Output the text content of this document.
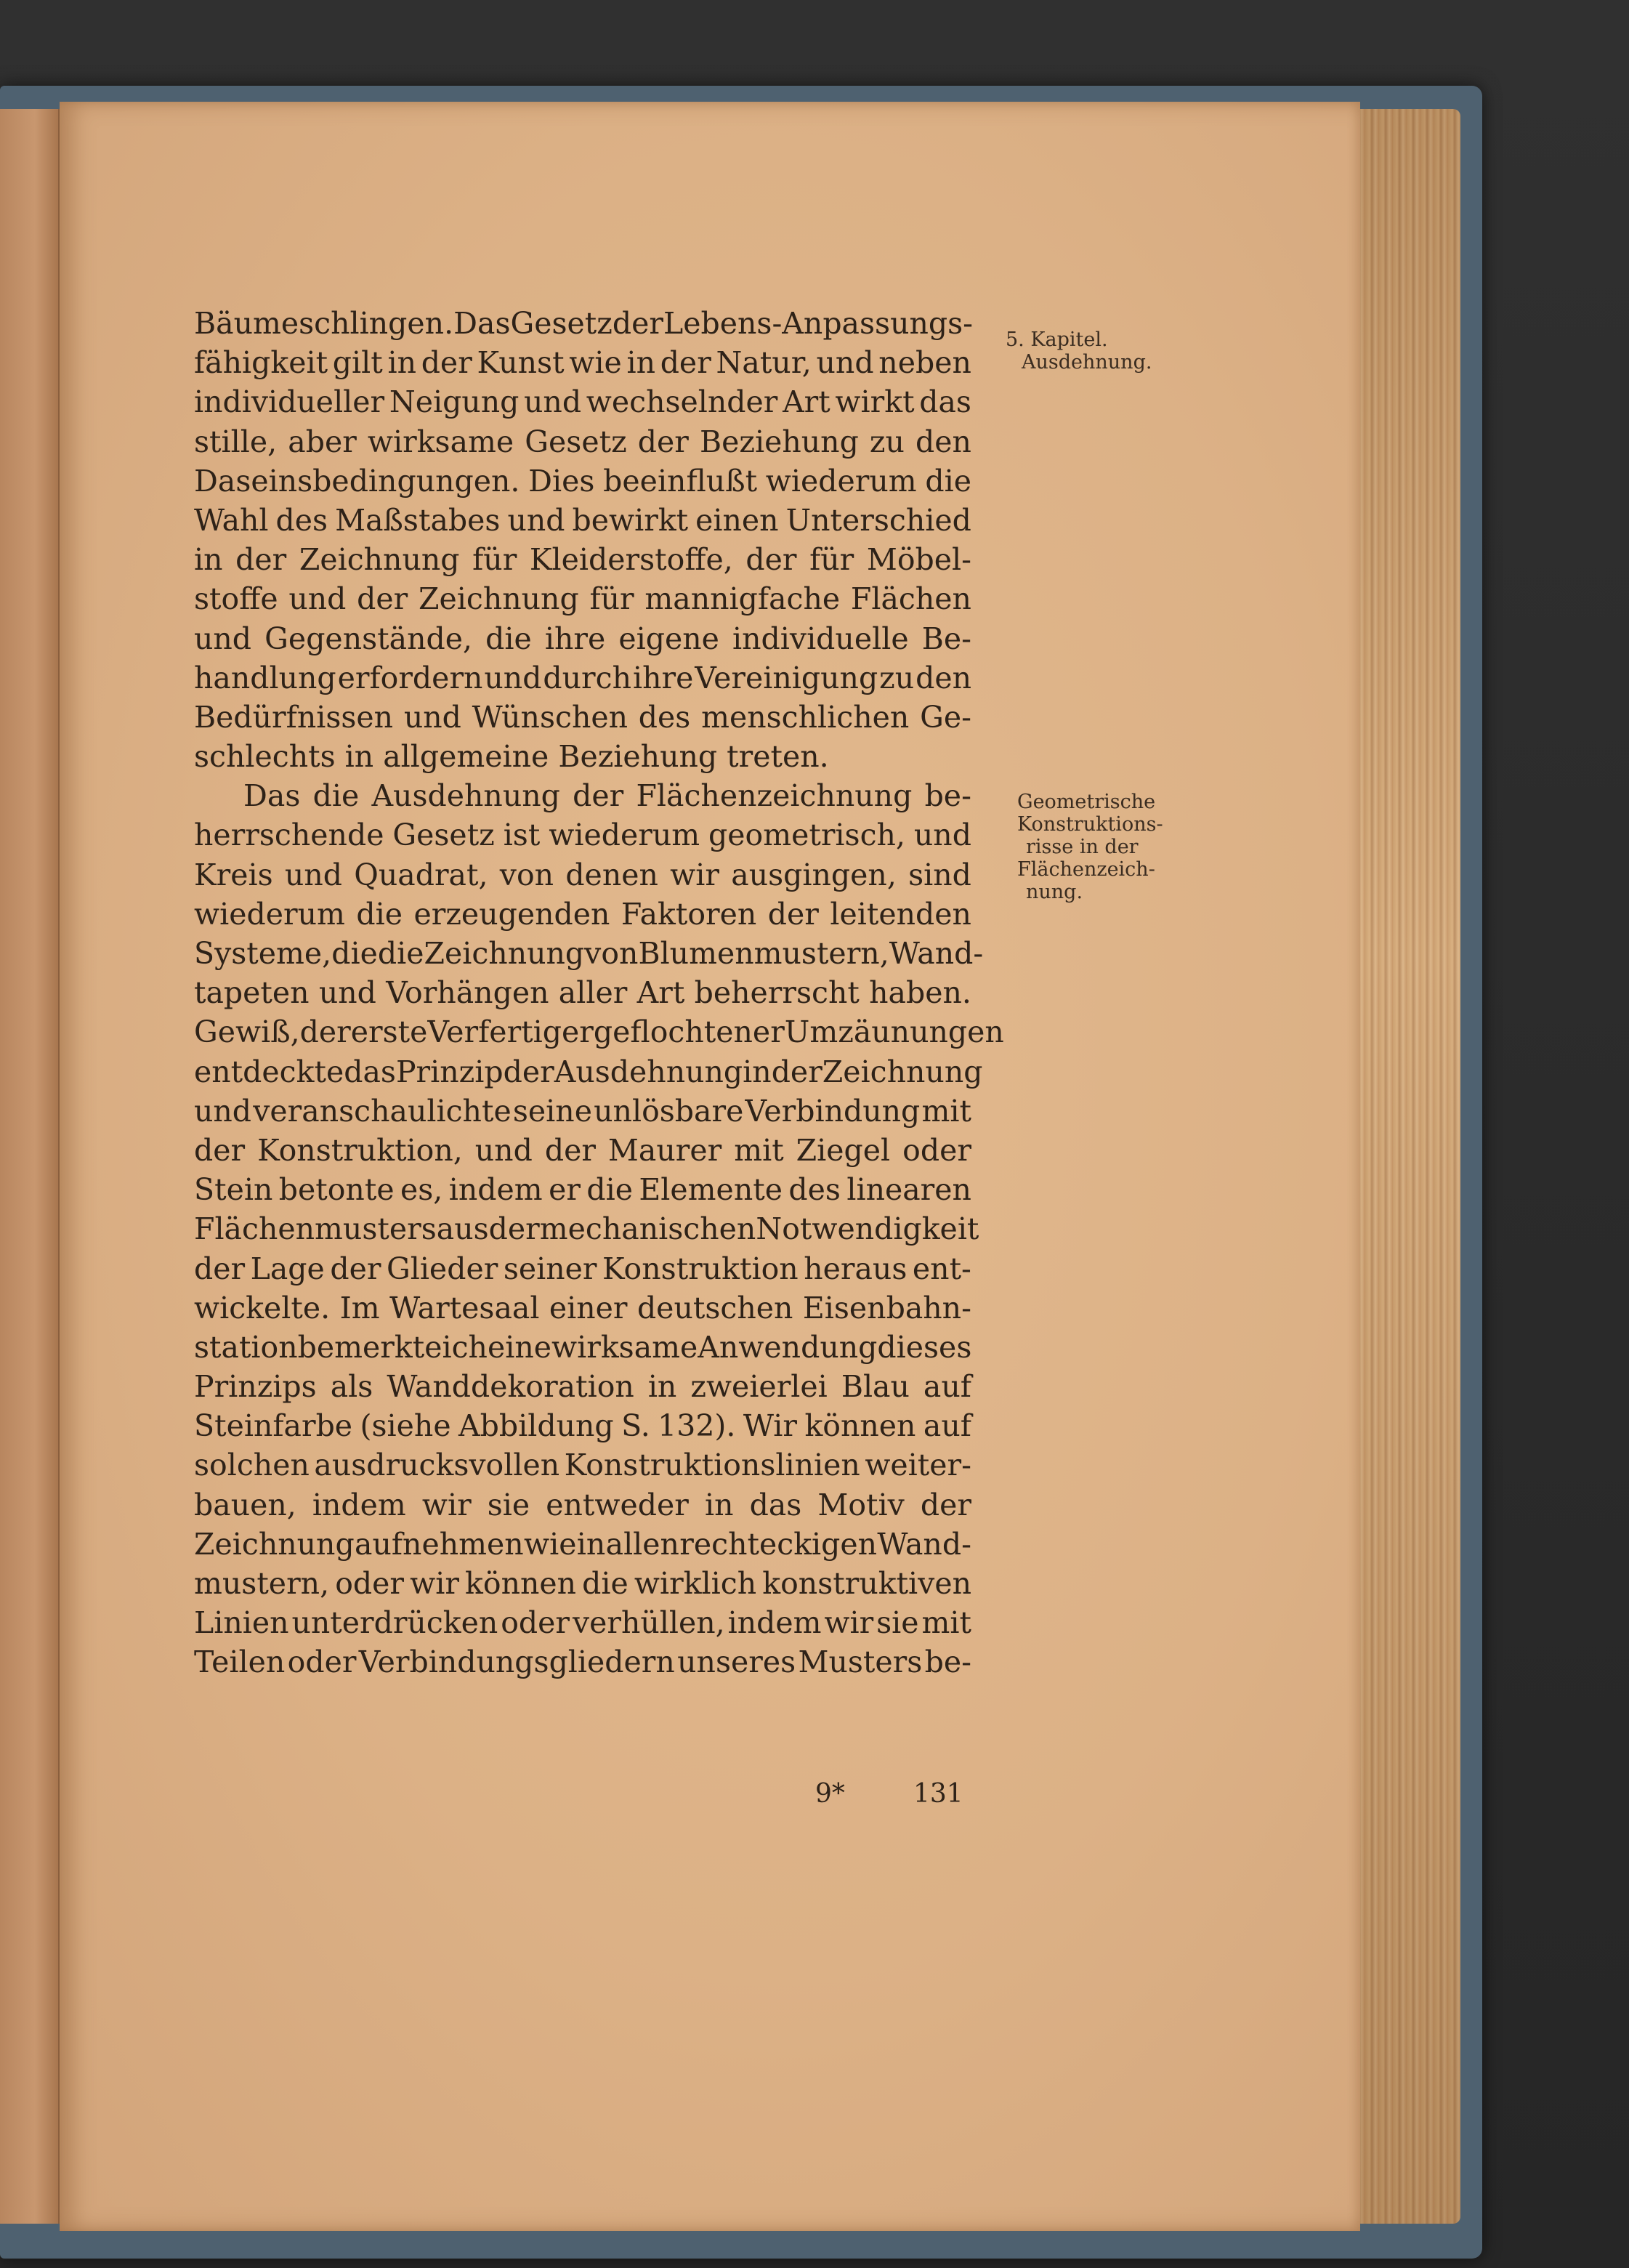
Bäume schlingen. Das Gesetz der Lebens-Anpassungs-
fähigkeit gilt in der Kunst wie in der Natur, und neben
individueller Neigung und wechselnder Art wirkt das
stille, aber wirksame Gesetz der Beziehung zu den
Daseinsbedingungen. Dies beeinflußt wiederum die
Wahl des Maßstabes und bewirkt einen Unterschied
in der Zeichnung für Kleiderstoffe, der für Möbel-
stoffe und der Zeichnung für mannigfache Flächen
und Gegenstände, die ihre eigene individuelle Be-
handlung erfordern und durch ihre Vereinigung zu den
Bedürfnissen und Wünschen des menschlichen Ge-
schlechts in allgemeine Beziehung treten.
Das die Ausdehnung der Flächenzeichnung be-
herrschende Gesetz ist wiederum geometrisch, und
Kreis und Quadrat, von denen wir ausgingen, sind
wiederum die erzeugenden Faktoren der leitenden
Systeme, die die Zeichnung von Blumenmustern, Wand-
tapeten und Vorhängen aller Art beherrscht haben.
Gewiß, der erste Verfertiger geflochtener Umzäunungen
entdeckte das Prinzip der Ausdehnung in der Zeichnung
und veranschaulichte seine unlösbare Verbindung mit
der Konstruktion, und der Maurer mit Ziegel oder
Stein betonte es, indem er die Elemente des linearen
Flächenmusters aus der mechanischen Notwendigkeit
der Lage der Glieder seiner Konstruktion heraus ent-
wickelte. Im Wartesaal einer deutschen Eisenbahn-
station bemerkte ich eine wirksame Anwendung dieses
Prinzips als Wanddekoration in zweierlei Blau auf
Steinfarbe (siehe Abbildung S. 132). Wir können auf
solchen ausdrucksvollen Konstruktionslinien weiter-
bauen, indem wir sie entweder in das Motiv der
Zeichnung aufnehmen wie in allen rechteckigen Wand-
mustern, oder wir können die wirklich konstruktiven
Linien unterdrücken oder verhüllen, indem wir sie mit
Teilen oder Verbindungsgliedern unseres Musters be-
5. Kapitel.
Ausdehnung.
Geometrische
Konstruktions-
risse in der
Flächenzeich-
nung.
9*	131
